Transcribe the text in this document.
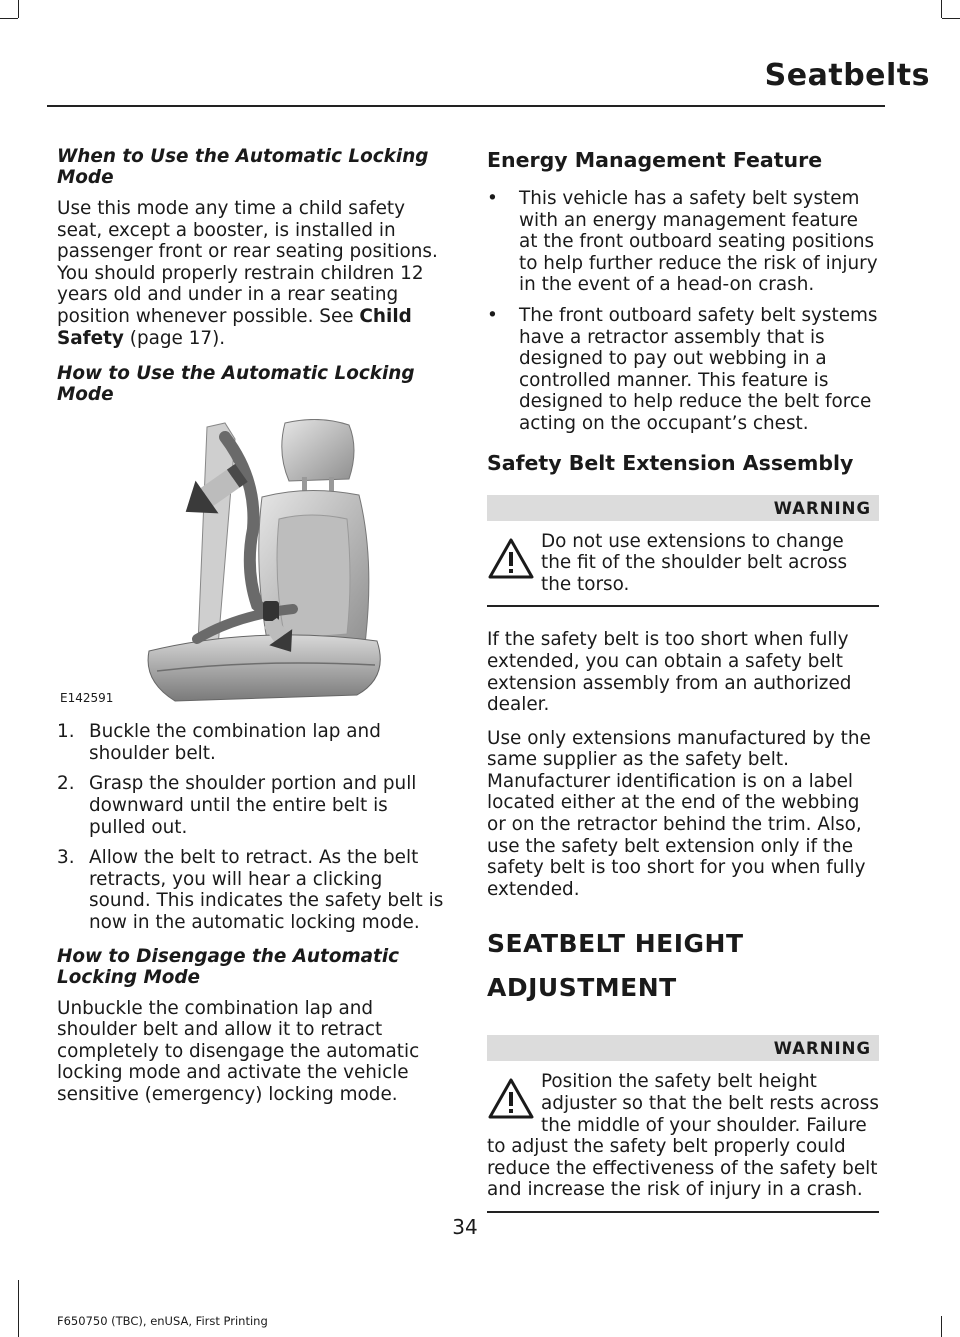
Seatbelts
When to Use the Automatic Locking Mode

Use this mode any time a child safety seat, except a booster, is installed in passenger front or rear seating positions. You should properly restrain children 12 years old and under in a rear seating position whenever possible. See Child Safety (page 17).

How to Use the Automatic Locking Mode
E142591
1. Buckle the combination lap and shoulder belt.
2. Grasp the shoulder portion and pull downward until the entire belt is pulled out.
3. Allow the belt to retract. As the belt retracts, you will hear a clicking sound. This indicates the safety belt is now in the automatic locking mode.
How to Disengage the Automatic Locking Mode

Unbuckle the combination lap and shoulder belt and allow it to retract completely to disengage the automatic locking mode and activate the vehicle sensitive (emergency) locking mode.

Energy Management Feature
• This vehicle has a safety belt system with an energy management feature at the front outboard seating positions to help further reduce the risk of injury in the event of a head-on crash.
• The front outboard safety belt systems have a retractor assembly that is designed to pay out webbing in a controlled manner. This feature is designed to help reduce the belt force acting on the occupant’s chest.
Safety Belt Extension Assembly
WARNING
Do not use extensions to change the fit of the shoulder belt across the torso.

If the safety belt is too short when fully extended, you can obtain a safety belt extension assembly from an authorized dealer.

Use only extensions manufactured by the same supplier as the safety belt. Manufacturer identification is on a label located either at the end of the webbing or on the retractor behind the trim. Also, use the safety belt extension only if the safety belt is too short for you when fully extended.

SEATBELT HEIGHT
ADJUSTMENT
WARNING
Position the safety belt height adjuster so that the belt rests across the middle of your shoulder. Failure to adjust the safety belt properly could reduce the effectiveness of the safety belt and increase the risk of injury in a crash.
34
F650750 (TBC), enUSA, First Printing
